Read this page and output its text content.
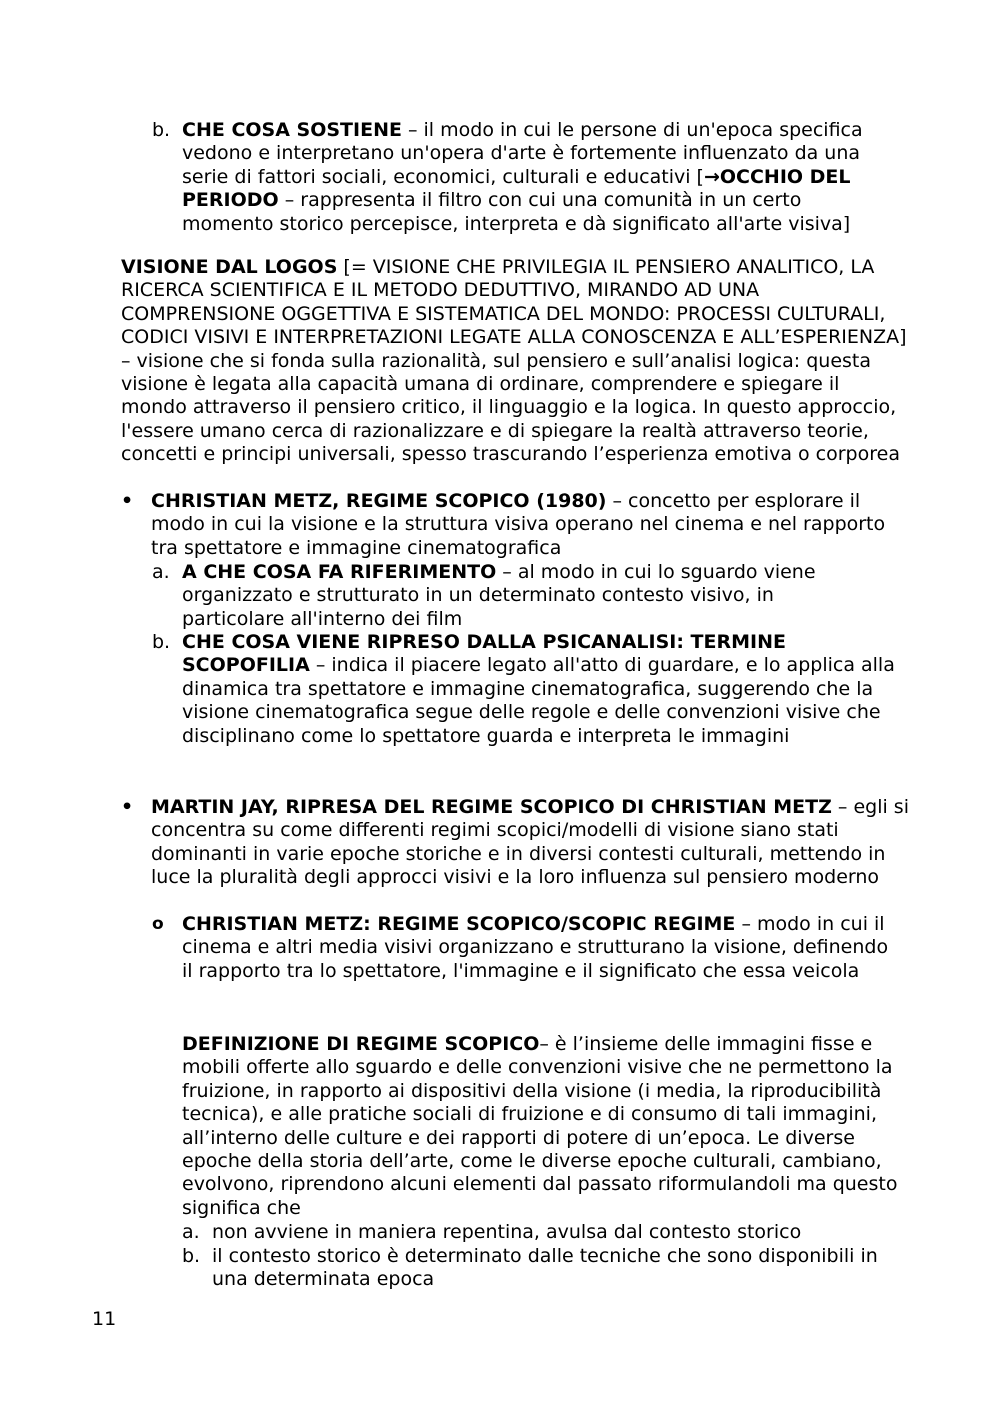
b. CHE COSA SOSTIENE – il modo in cui le persone di un'epoca specifica vedono e interpretano un'opera d'arte è fortemente influenzato da una serie di fattori sociali, economici, culturali e educativi [→OCCHIO DEL PERIODO – rappresenta il filtro con cui una comunità in un certo momento storico percepisce, interpreta e dà significato all'arte visiva]
VISIONE DAL LOGOS [= VISIONE CHE PRIVILEGIA IL PENSIERO ANALITICO, LA RICERCA SCIENTIFICA E IL METODO DEDUTTIVO, MIRANDO AD UNA COMPRENSIONE OGGETTIVA E SISTEMATICA DEL MONDO: PROCESSI CULTURALI, CODICI VISIVI E INTERPRETAZIONI LEGATE ALLA CONOSCENZA E ALL’ESPERIENZA] – visione che si fonda sulla razionalità, sul pensiero e sull’analisi logica: questa visione è legata alla capacità umana di ordinare, comprendere e spiegare il mondo attraverso il pensiero critico, il linguaggio e la logica. In questo approccio, l'essere umano cerca di razionalizzare e di spiegare la realtà attraverso teorie, concetti e principi universali, spesso trascurando l’esperienza emotiva o corporea
• CHRISTIAN METZ, REGIME SCOPICO (1980) – concetto per esplorare il modo in cui la visione e la struttura visiva operano nel cinema e nel rapporto tra spettatore e immagine cinematografica
a. A CHE COSA FA RIFERIMENTO – al modo in cui lo sguardo viene organizzato e strutturato in un determinato contesto visivo, in particolare all'interno dei film
b. CHE COSA VIENE RIPRESO DALLA PSICANALISI: TERMINE SCOPOFILIA – indica il piacere legato all'atto di guardare, e lo applica alla dinamica tra spettatore e immagine cinematografica, suggerendo che la visione cinematografica segue delle regole e delle convenzioni visive che disciplinano come lo spettatore guarda e interpreta le immagini
• MARTIN JAY, RIPRESA DEL REGIME SCOPICO DI CHRISTIAN METZ – egli si concentra su come differenti regimi scopici/modelli di visione siano stati dominanti in varie epoche storiche e in diversi contesti culturali, mettendo in luce la pluralità degli approcci visivi e la loro influenza sul pensiero moderno
o CHRISTIAN METZ: REGIME SCOPICO/SCOPIC REGIME – modo in cui il cinema e altri media visivi organizzano e strutturano la visione, definendo il rapporto tra lo spettatore, l'immagine e il significato che essa veicola
DEFINIZIONE DI REGIME SCOPICO– è l’insieme delle immagini fisse e mobili offerte allo sguardo e delle convenzioni visive che ne permettono la fruizione, in rapporto ai dispositivi della visione (i media, la riproducibilità tecnica), e alle pratiche sociali di fruizione e di consumo di tali immagini, all’interno delle culture e dei rapporti di potere di un’epoca. Le diverse epoche della storia dell’arte, come le diverse epoche culturali, cambiano, evolvono, riprendono alcuni elementi dal passato riformulandoli ma questo significa che
a. non avviene in maniera repentina, avulsa dal contesto storico
b. il contesto storico è determinato dalle tecniche che sono disponibili in una determinata epoca
11
